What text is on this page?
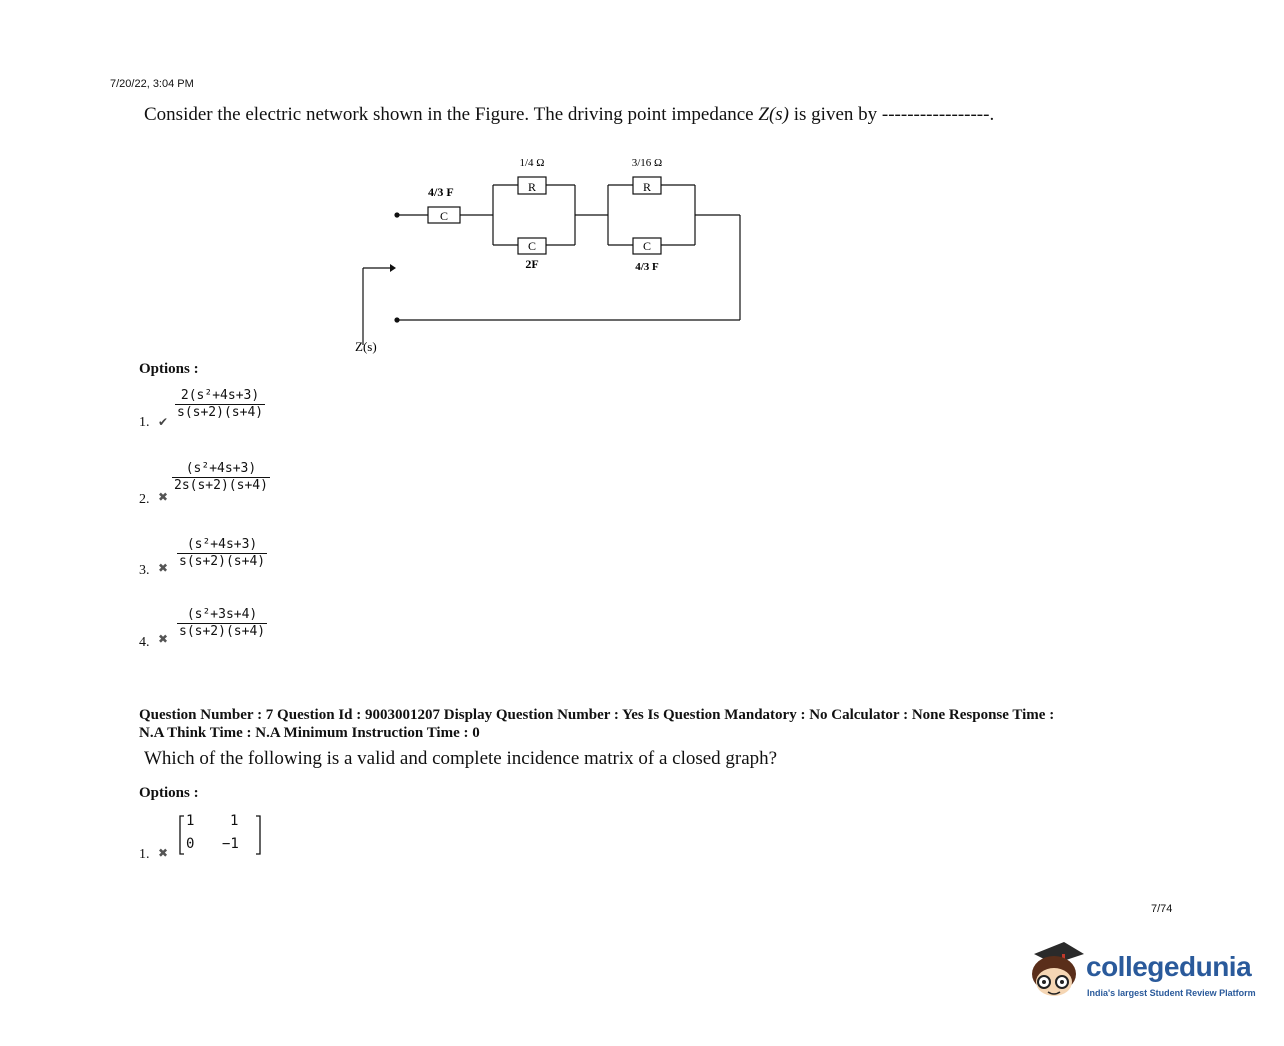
7/20/22, 3:04 PM
Consider the electric network shown in the Figure. The driving point impedance Z(s) is given by -----------------.
4/3 F
C
1/4 Ω
R
C
2F
3/16 Ω
R
C
4/3 F
Z(s)
Options :
1. ✔
$\frac{\text{2(s²+4s+3)}}{s(s+2)(s+4)}$
2. ✖
$\frac{\text{(s²+4s+3)}}{2s(s+2)(s+4)}$
3. ✖ $\frac{\text{(s²+4s+3)}}{s(s+2)(s+4)}$
4. ✖ $\frac{\text{(s²+3s+4)}}{s(s+2)(s+4)}$
Question Number : 7 Question Id : 9003001207 Display Question Number : Yes Is Question Mandatory : No Calculator : None Response Time :
N.A Think Time : N.A Minimum Instruction Time : 0
Which of the following is a valid and complete incidence matrix of a closed graph?
Options :
1. ✖
1	1
0 −1
7/74
collegedunia
India's largest Student Review Platform
